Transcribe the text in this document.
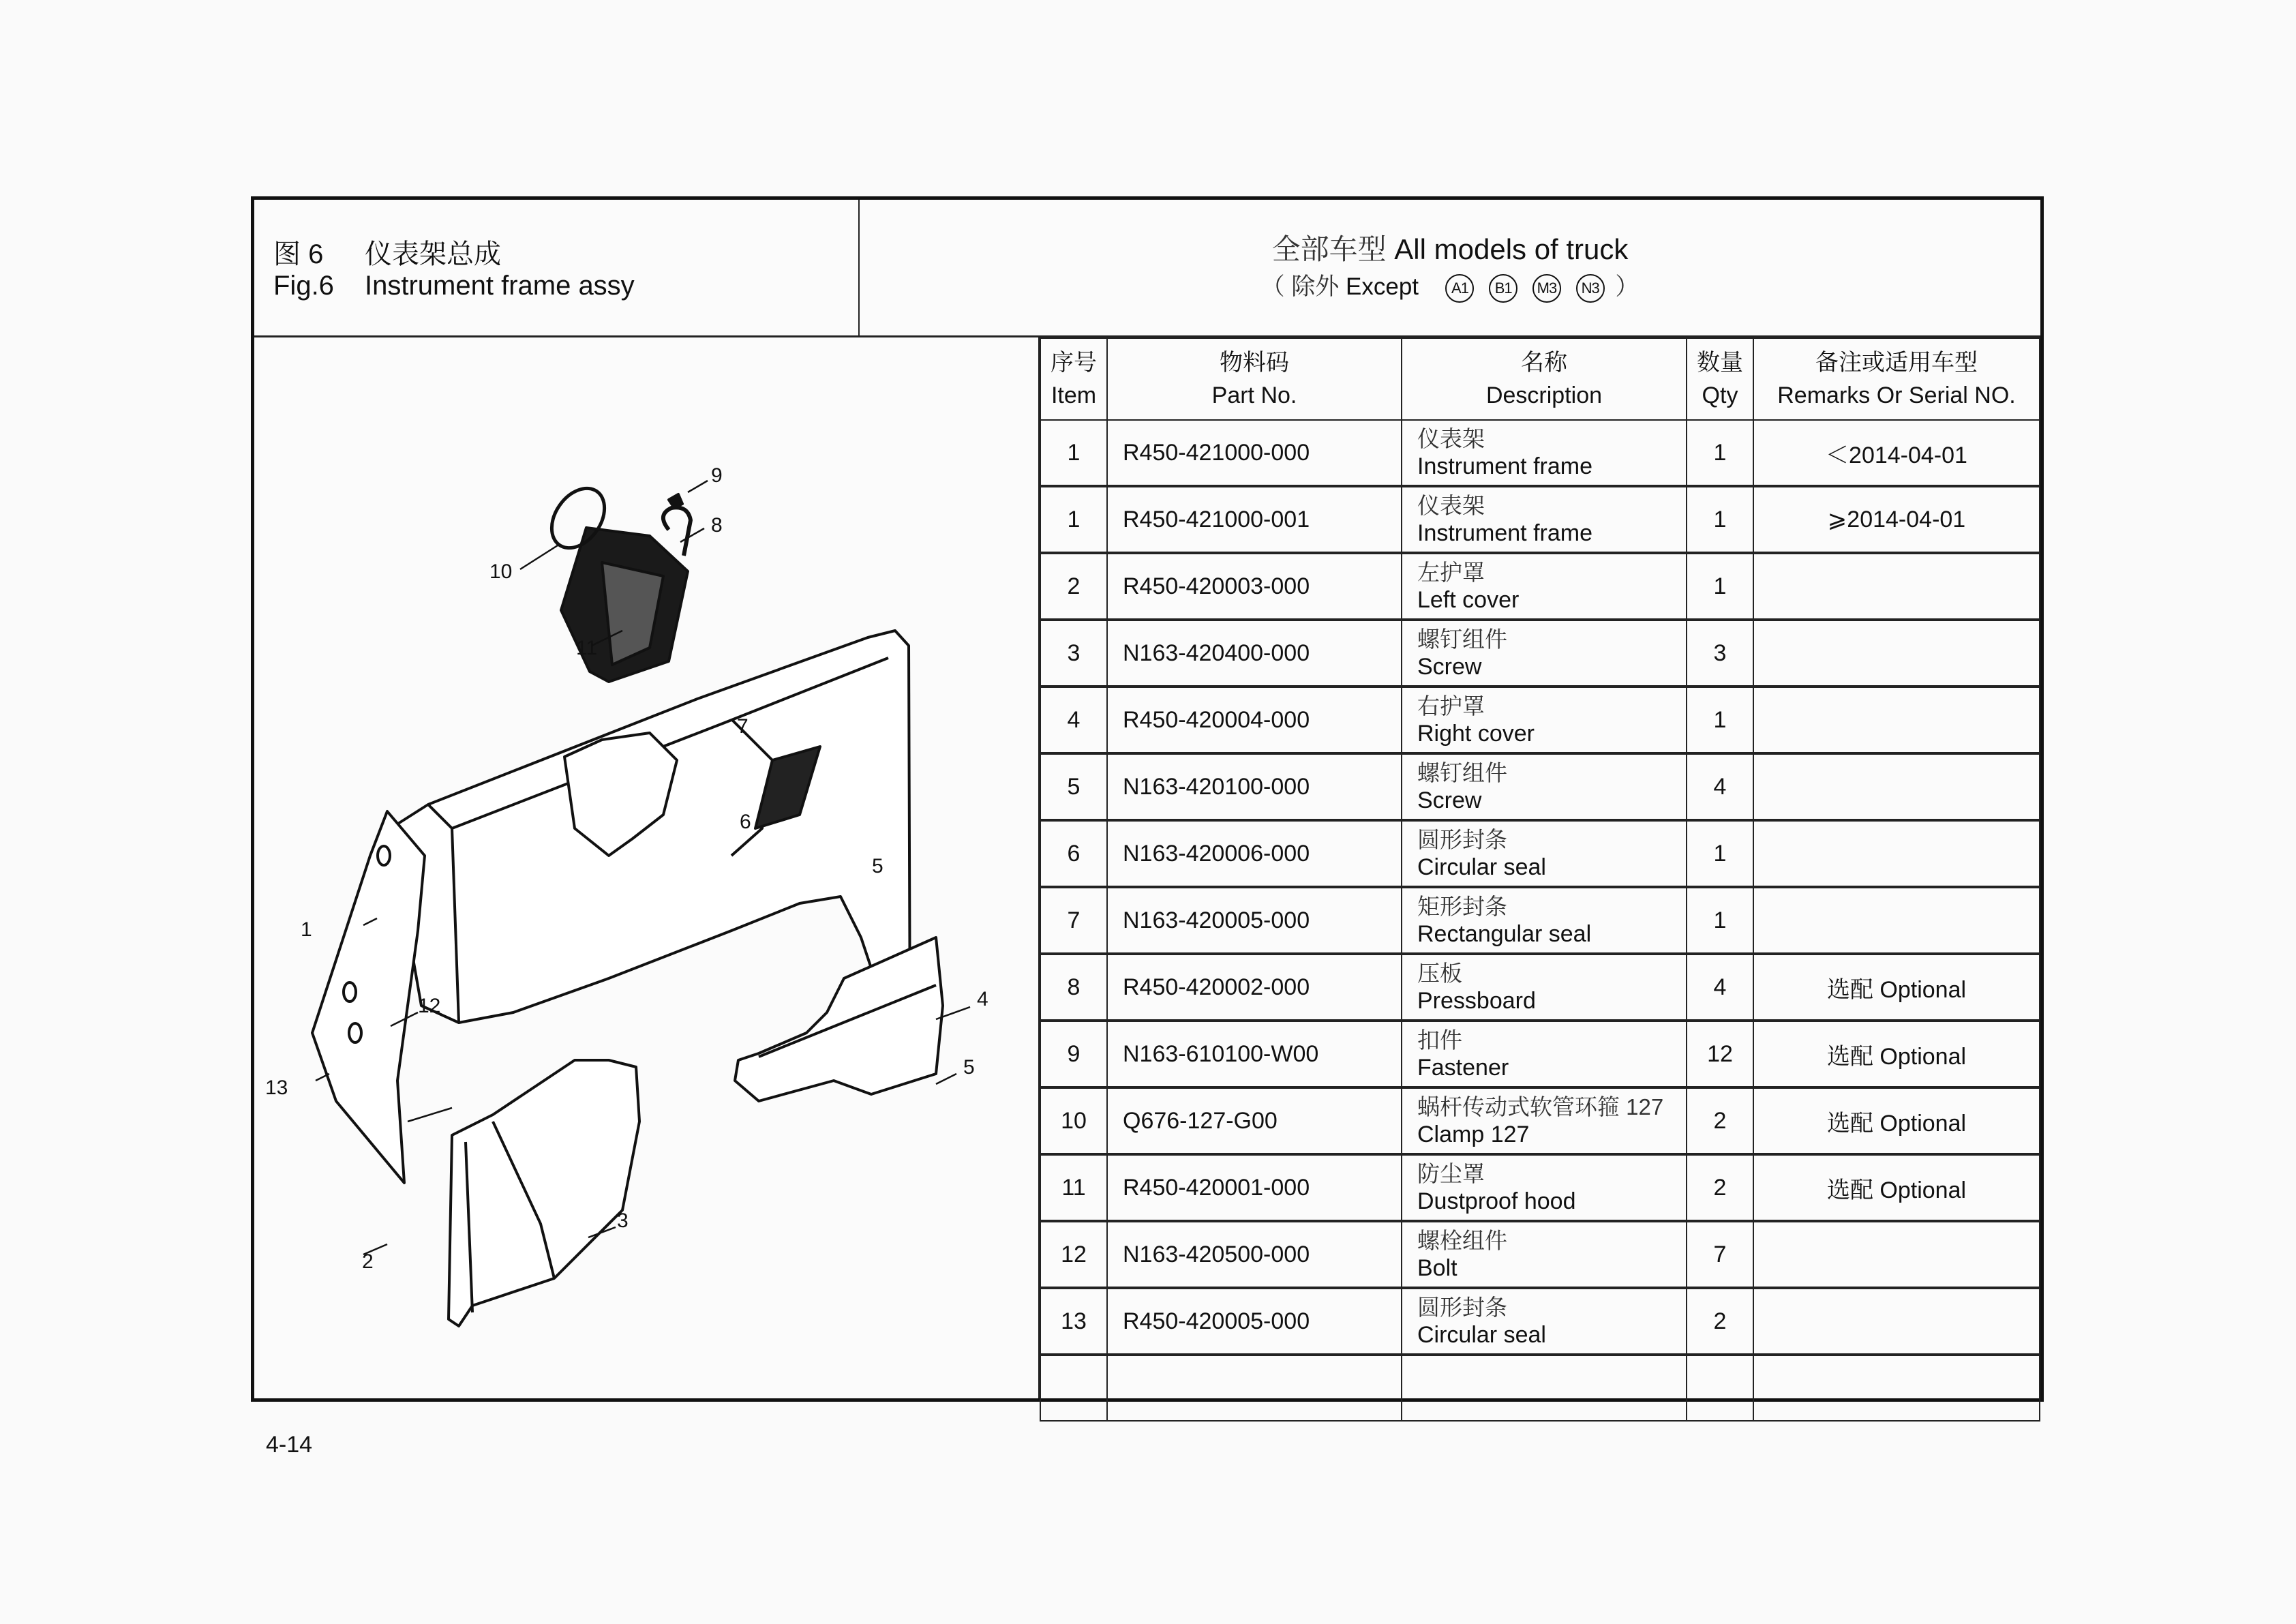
图 6 仪表架总成
Fig.6 Instrument frame assy
全部车型 All models of truck
（ 除外 Except A1 B1 M3 N3 ）
10
11
8
9
12
7
6
5
4
5
1
13
2
3
序号
Item	物料码
Part No.	名称
Description	数量
Qty	备注或适用车型
Remarks Or Serial NO.
1	R450-421000-000	仪表架
Instrument frame	1	＜2014-04-01
1	R450-421000-001	仪表架
Instrument frame	1	⩾2014-04-01
2	R450-420003-000	左护罩
Left cover	1	
3	N163-420400-000	螺钉组件
Screw	3	
4	R450-420004-000	右护罩
Right cover	1	
5	N163-420100-000	螺钉组件
Screw	4	
6	N163-420006-000	圆形封条
Circular seal	1	
7	N163-420005-000	矩形封条
Rectangular seal	1	
8	R450-420002-000	压板
Pressboard	4	选配 Optional
9	N163-610100-W00	扣件
Fastener	12	选配 Optional
10	Q676-127-G00	蜗杆传动式软管环箍 127
Clamp 127	2	选配 Optional
11	R450-420001-000	防尘罩
Dustproof hood	2	选配 Optional
12	N163-420500-000	螺栓组件
Bolt	7	
13	R450-420005-000	圆形封条
Circular seal	2	

4-14
